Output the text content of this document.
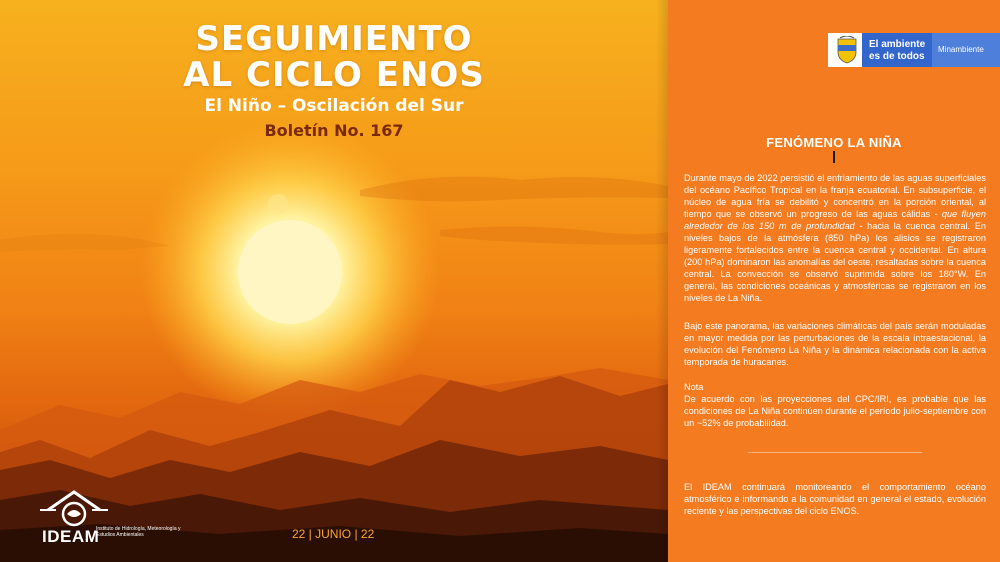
SEGUIMIENTO
AL CICLO ENOS
El Niño – Oscilación del Sur
Boletín No. 167
IDEAM
Instituto de Hidrología, Meteorología y Estudios Ambientales	22 | JUNIO | 22
El ambiente
es de todos
Minambiente
FENÓMENO LA NIÑA
Durante mayo de 2022 persistió el enfriamiento de las aguas superficiales del océano Pacífico Tropical en la franja ecuatorial. En subsuperficie, el núcleo de agua fría se debilitó y concentró en la porción oriental, al tiempo que se observó un progreso de las aguas cálidas - que fluyen alrededor de los 150 m de profundidad - hacia la cuenca central. En niveles bajos de la atmósfera (850 hPa) los alisios se registraron ligeramente fortalecidos entre la cuenca central y occidental. En altura (200 hPa) dominaron las anomalías del oeste, resaltadas sobre la cuenca central. La convección se observó suprimida sobre los 180°W. En general, las condiciones oceánicas y atmosféricas se registraron en los niveles de La Niña.
Bajo este panorama, las variaciones climáticas del país serán moduladas en mayor medida por las perturbaciones de la escala intraestacional, la evolución del Fenómeno La Niña y la dinámica relacionada con la activa temporada de huracanes.
Nota
De acuerdo con las proyecciones del CPC/IRI, es probable que las condiciones de La Niña continúen durante el período julio-septiembre con un ~52% de probabilidad.
El IDEAM continuará monitoreando el comportamiento océano atmosférico e informando a la comunidad en general el estado, evolución reciente y las perspectivas del ciclo ENOS.
